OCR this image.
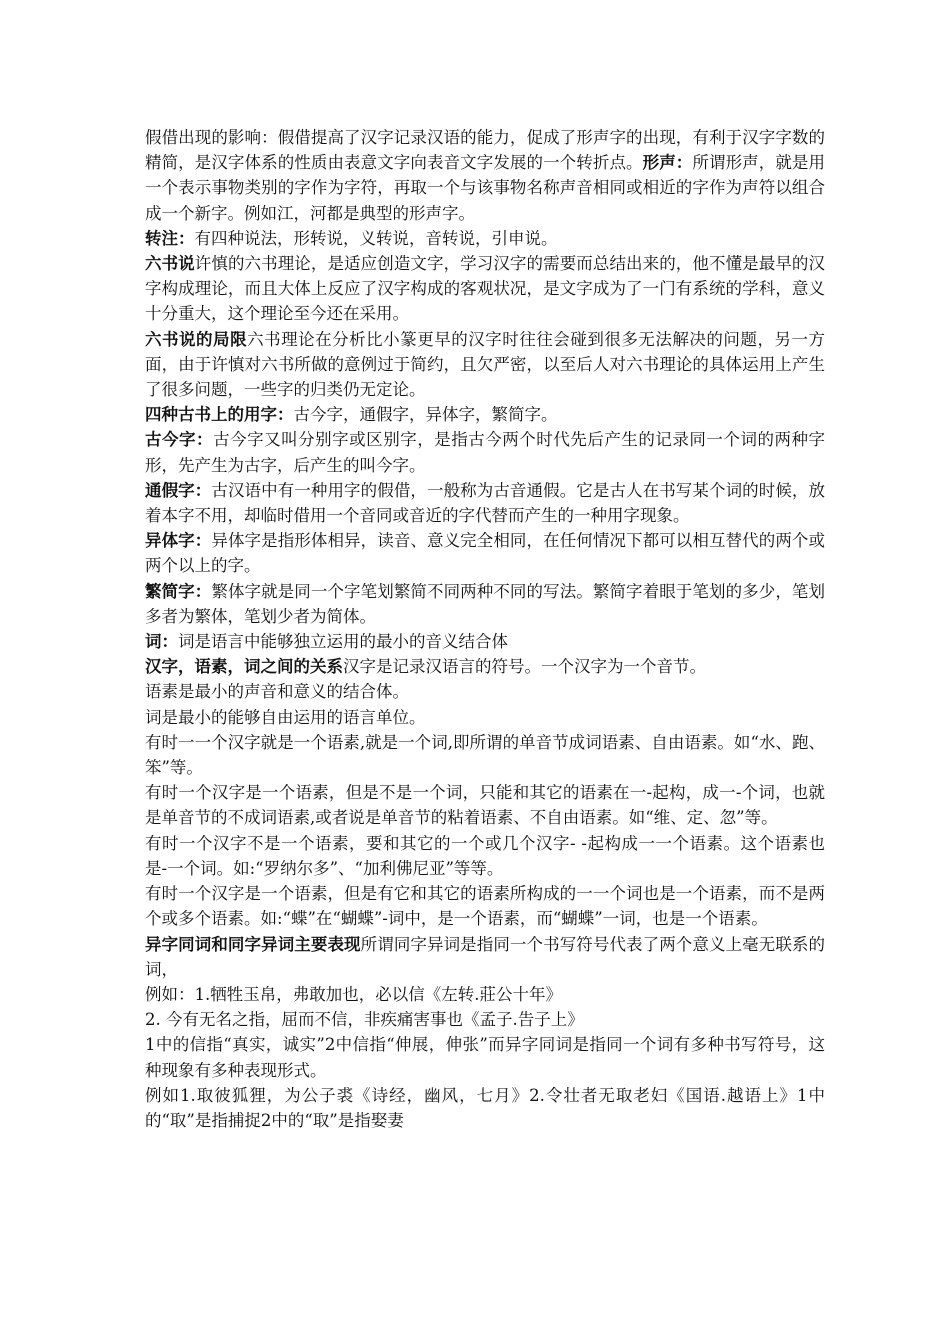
假借出现的影响：假借提高了汉字记录汉语的能力，促成了形声字的出现，有利于汉字字数的精简，是汉字体系的性质由表意文字向表音文字发展的一个转折点。形声：所谓形声，就是用一个表示事物类别的字作为字符，再取一个与该事物名称声音相同或相近的字作为声符以组合成一个新字。例如江，河都是典型的形声字。

转注：有四种说法，形转说，义转说，音转说，引申说。

六书说许慎的六书理论，是适应创造文字，学习汉字的需要而总结出来的，他不懂是最早的汉字构成理论，而且大体上反应了汉字构成的客观状况，是文字成为了一门有系统的学科，意义十分重大，这个理论至今还在采用。

六书说的局限六书理论在分析比小篆更早的汉字时往往会碰到很多无法解决的问题，另一方面，由于许慎对六书所做的意例过于简约，且欠严密，以至后人对六书理论的具体运用上产生了很多问题，一些字的归类仍无定论。

四种古书上的用字：古今字，通假字，异体字，繁简字。

古今字：古今字又叫分别字或区别字，是指古今两个时代先后产生的记录同一个词的两种字形，先产生为古字，后产生的叫今字。

通假字：古汉语中有一种用字的假借，一般称为古音通假。它是古人在书写某个词的时候，放着本字不用，却临时借用一个音同或音近的字代替而产生的一种用字现象。

异体字：异体字是指形体相异，读音、意义完全相同，在任何情况下都可以相互替代的两个或两个以上的字。

繁简字：繁体字就是同一个字笔划繁简不同两种不同的写法。繁简字着眼于笔划的多少，笔划多者为繁体，笔划少者为简体。

词：词是语言中能够独立运用的最小的音义结合体

汉字，语素，词之间的关系汉字是记录汉语言的符号。一个汉字为一个音节。

语素是最小的声音和意义的结合体。

词是最小的能够自由运用的语言单位。

有时一一个汉字就是一个语素,就是一个词,即所谓的单音节成词语素、自由语素。如“水、跑、笨”等。

有时一个汉字是一个语素，但是不是一个词，只能和其它的语素在一-起构，成一-个词，也就是单音节的不成词语素,或者说是单音节的粘着语素、不自由语素。如“维、定、忽”等。

有时一个汉字不是一个语素，要和其它的一个或几个汉字- -起构成一一个语素。这个语素也是-一个词。如:“罗纳尔多”、“加利佛尼亚”等等。

有时一个汉字是一个语素，但是有它和其它的语素所构成的一一个词也是一个语素，而不是两个或多个语素。如:“蝶”在“蝴蝶”-词中，是一个语素，而“蝴蝶”一词，也是一个语素。

异字同词和同字异词主要表现所谓同字异词是指同一个书写符号代表了两个意义上毫无联系的词，

例如：1.牺牲玉帛，弗敢加也，必以信《左转.莊公十年》

2. 今有无名之指，屈而不信，非疾痛害事也《孟子.告子上》

1中的信指“真实，诚实”2中信指“伸展，伸张”而异字同词是指同一个词有多种书写符号，这种现象有多种表现形式。

例如1.取彼狐狸，为公子裘《诗经，幽风，七月》2.令壮者无取老妇《国语.越语上》1中的“取”是指捕捉2中的“取”是指娶妻
